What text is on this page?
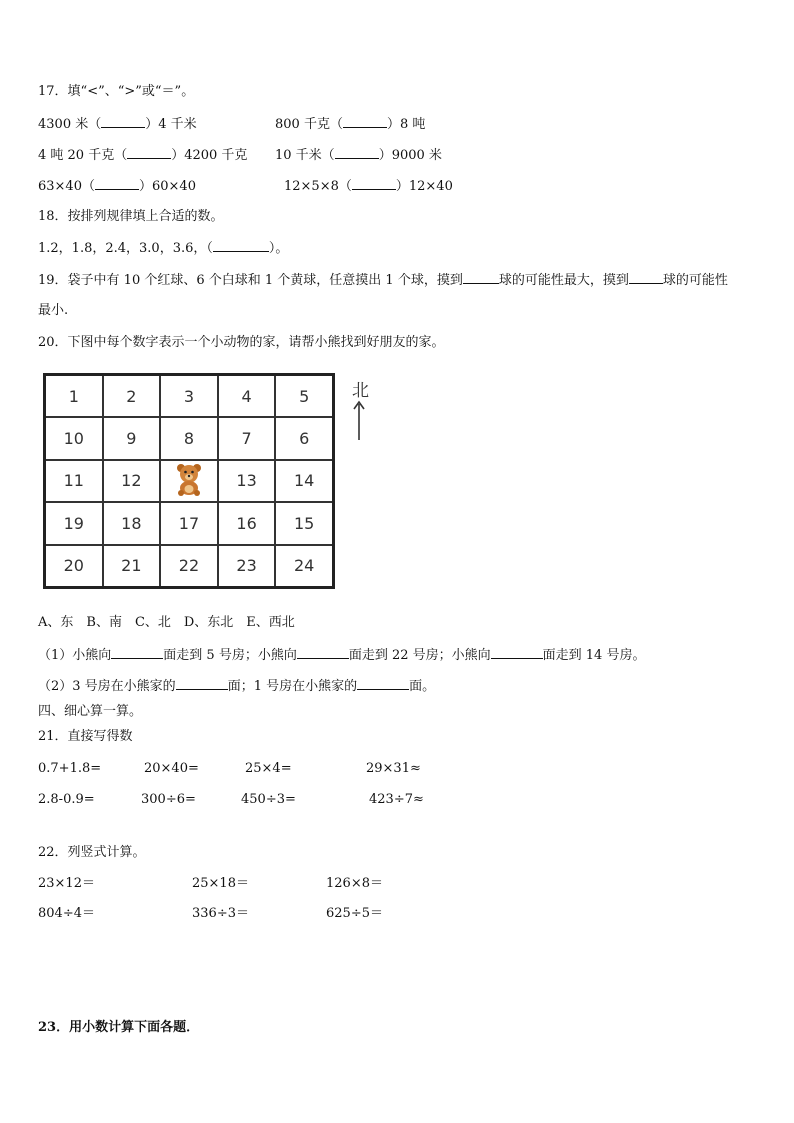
17．填“<”、“>”或“＝”。
4300 米（	）4 千米	800 千克（	）8 吨
4 吨 20 千克（	）4200 千克 10 千米（	）9000 米
63×40（	）60×40	12×5×8（	）12×40
18．按排列规律填上合适的数。
1.2，1.8，2.4，3.0，3.6，（	）。
19．袋子中有 10 个红球、6 个白球和 1 个黄球，任意摸出 1 个球，摸到	球的可能性最大，摸到	球的可能性
最小.
20．下图中每个数字表示一个小动物的家，请帮小熊找到好朋友的家。
1	2	3	4	5
10	9	8	7	6
11	12		13	14
19	18	17	16	15
20	21	22	23	24
北
A、东　B、南　C、北　D、东北　E、西北
（1）小熊向	面走到 5 号房；小熊向	面走到 22 号房；小熊向	面走到 14 号房。
（2）3 号房在小熊家的	面；1 号房在小熊家的	面。
四、细心算一算。
21．直接写得数
0.7+1.8=	20×40=	25×4=	29×31≈
2.8-0.9=	300÷6=	450÷3=	423÷7≈
22．列竖式计算。
23×12＝	25×18＝	126×8＝
804÷4＝	336÷3＝	625÷5＝
23．用小数计算下面各题．
